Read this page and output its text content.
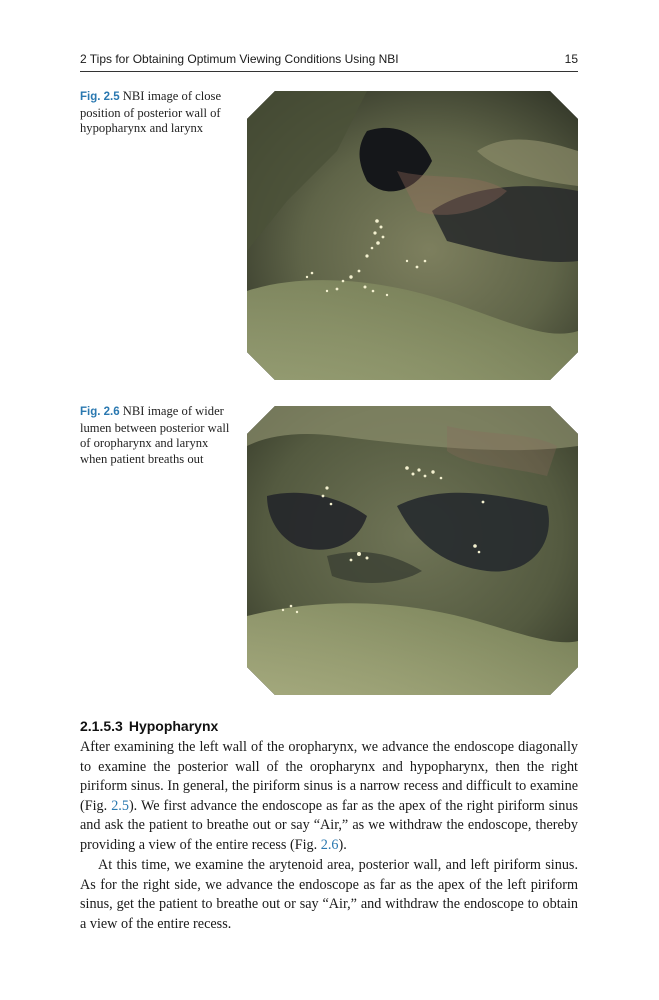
2 Tips for Obtaining Optimum Viewing Conditions Using NBI	15
Fig. 2.5 NBI image of close position of posterior wall of hypopharynx and larynx
Fig. 2.6 NBI image of wider lumen between posterior wall of oropharynx and larynx when patient breaths out
2.1.5.3 Hypopharynx

After examining the left wall of the oropharynx, we advance the endoscope diagonally to examine the posterior wall of the oropharynx and hypopharynx, then the right piriform sinus. In general, the piriform sinus is a narrow recess and difficult to examine (Fig. 2.5). We first advance the endoscope as far as the apex of the right piriform sinus and ask the patient to breathe out or say “Air,” as we withdraw the endoscope, thereby providing a view of the entire recess (Fig. 2.6).

At this time, we examine the arytenoid area, posterior wall, and left piriform sinus. As for the right side, we advance the endoscope as far as the apex of the left piriform sinus, get the patient to breathe out or say “Air,” and withdraw the endoscope to obtain a view of the entire recess.
